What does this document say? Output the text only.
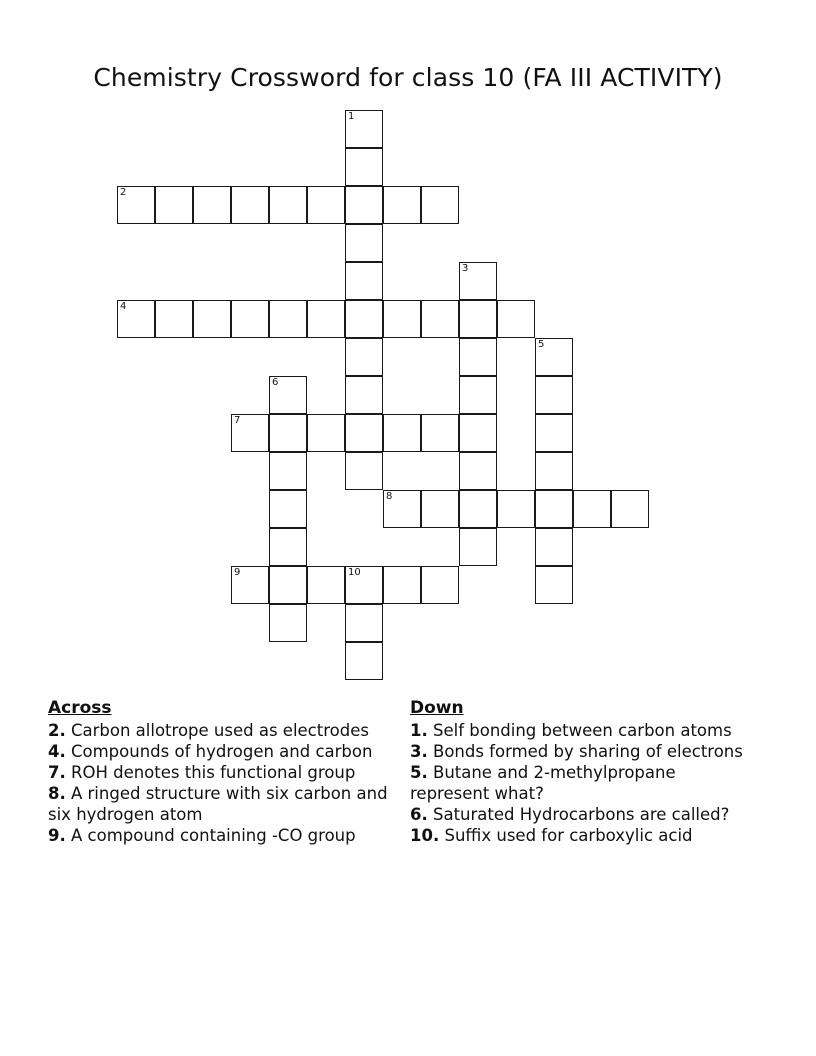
Chemistry Crossword for class 10 (FA III ACTIVITY)
1
2
3
4
5
6
7
8
9	10
Across

2. Carbon allotrope used as electrodes

4. Compounds of hydrogen and carbon

7. ROH denotes this functional group

8. A ringed structure with six carbon and six hydrogen atom

9. A compound containing -CO group

Down

1. Self bonding between carbon atoms

3. Bonds formed by sharing of electrons

5. Butane and 2-methylpropane represent what?

6. Saturated Hydrocarbons are called?

10. Suffix used for carboxylic acid
